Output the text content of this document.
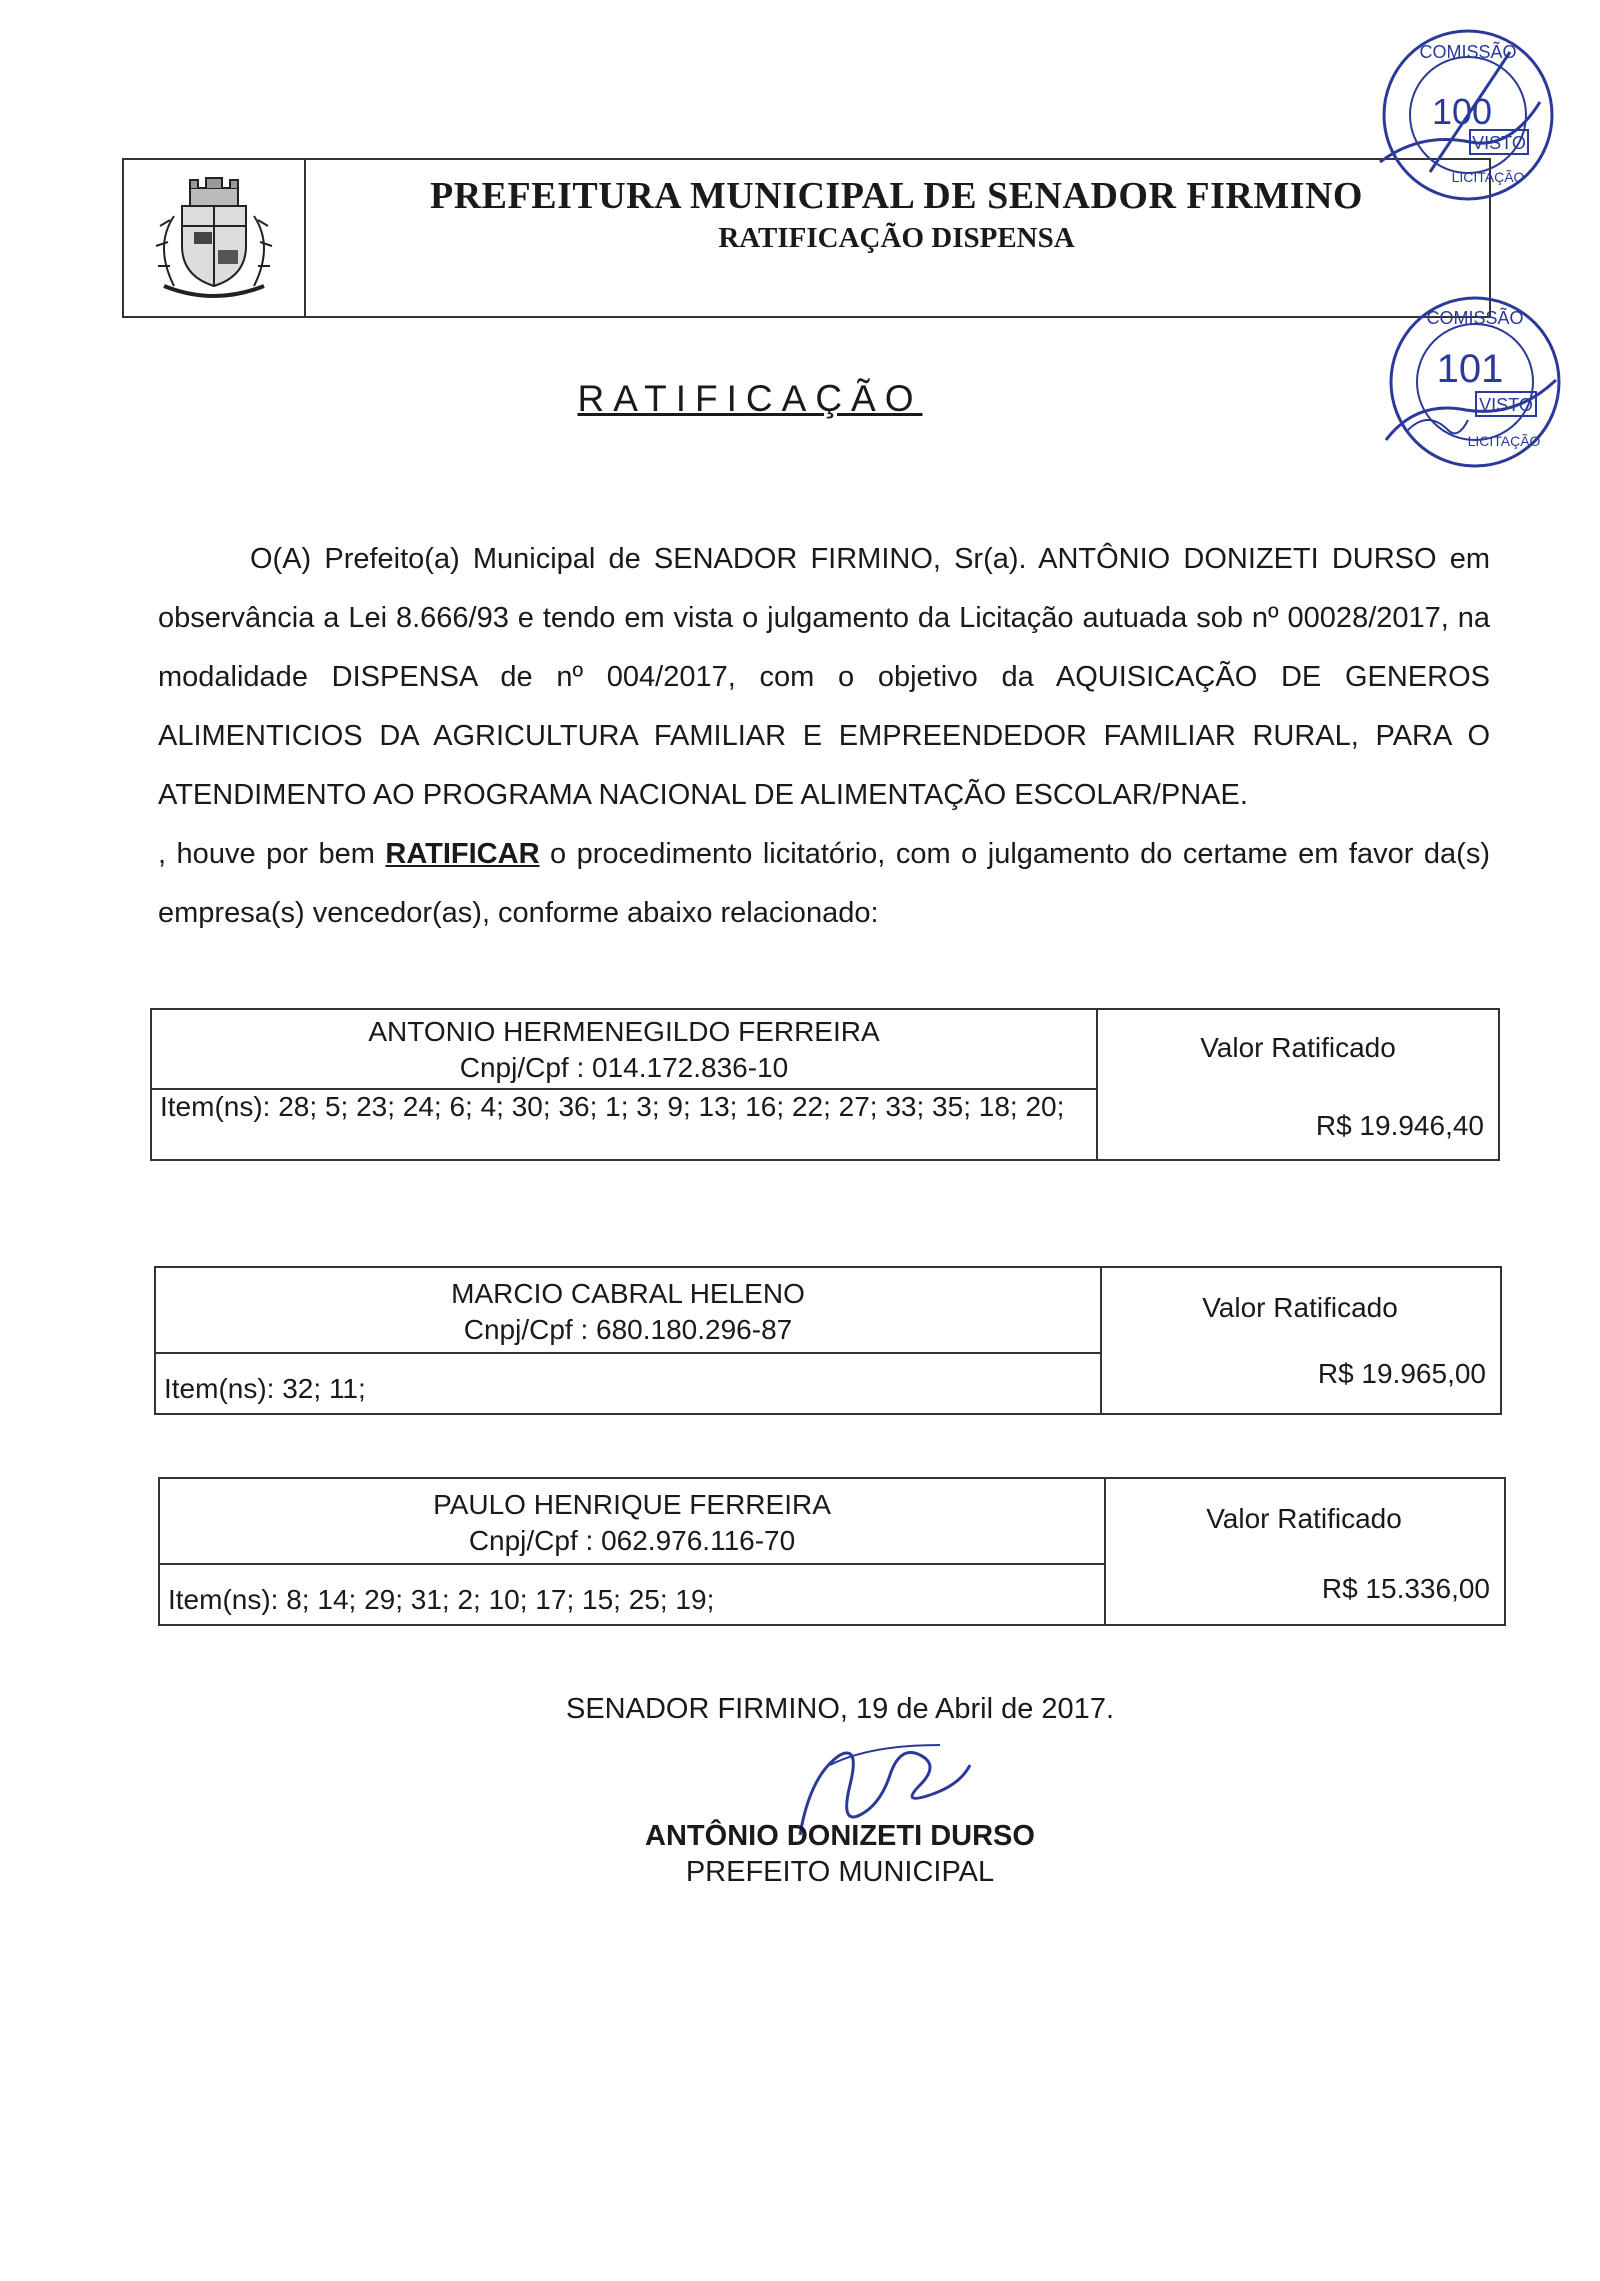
PREFEITURA MUNICIPAL DE SENADOR FIRMINO
RATIFICAÇÃO DISPENSA
COMISSÃO
100
VISTO
LICITAÇÃO
COMISSÃO
101
VISTO
LICITAÇÃO
RATIFICAÇÃO

O(A) Prefeito(a) Municipal de SENADOR FIRMINO, Sr(a). ANTÔNIO DONIZETI DURSO em observância a Lei 8.666/93 e tendo em vista o julgamento da Licitação autuada sob nº 00028/2017, na modalidade DISPENSA de nº 004/2017, com o objetivo da AQUISICAÇÃO DE GENEROS ALIMENTICIOS DA AGRICULTURA FAMILIAR E EMPREENDEDOR FAMILIAR RURAL, PARA O ATENDIMENTO AO PROGRAMA NACIONAL DE ALIMENTAÇÃO ESCOLAR/PNAE.

, houve por bem RATIFICAR o procedimento licitatório, com o julgamento do certame em favor da(s) empresa(s) vencedor(as), conforme abaixo relacionado:

ANTONIO HERMENEGILDO FERREIRA
Cnpj/Cpf : 014.172.836-10
Valor Ratificado
Item(ns): 28; 5; 23; 24; 6; 4; 30; 36; 1; 3; 9; 13; 16; 22; 27; 33; 35; 18; 20;
R$ 19.946,40
MARCIO CABRAL HELENO
Cnpj/Cpf : 680.180.296-87
Valor Ratificado
Item(ns): 32; 11;	R$ 19.965,00
PAULO HENRIQUE FERREIRA
Cnpj/Cpf : 062.976.116-70
Valor Ratificado
Item(ns): 8; 14; 29; 31; 2; 10; 17; 15; 25; 19;	R$ 15.336,00
SENADOR FIRMINO, 19 de Abril de 2017.
ANTÔNIO DONIZETI DURSO
PREFEITO MUNICIPAL
